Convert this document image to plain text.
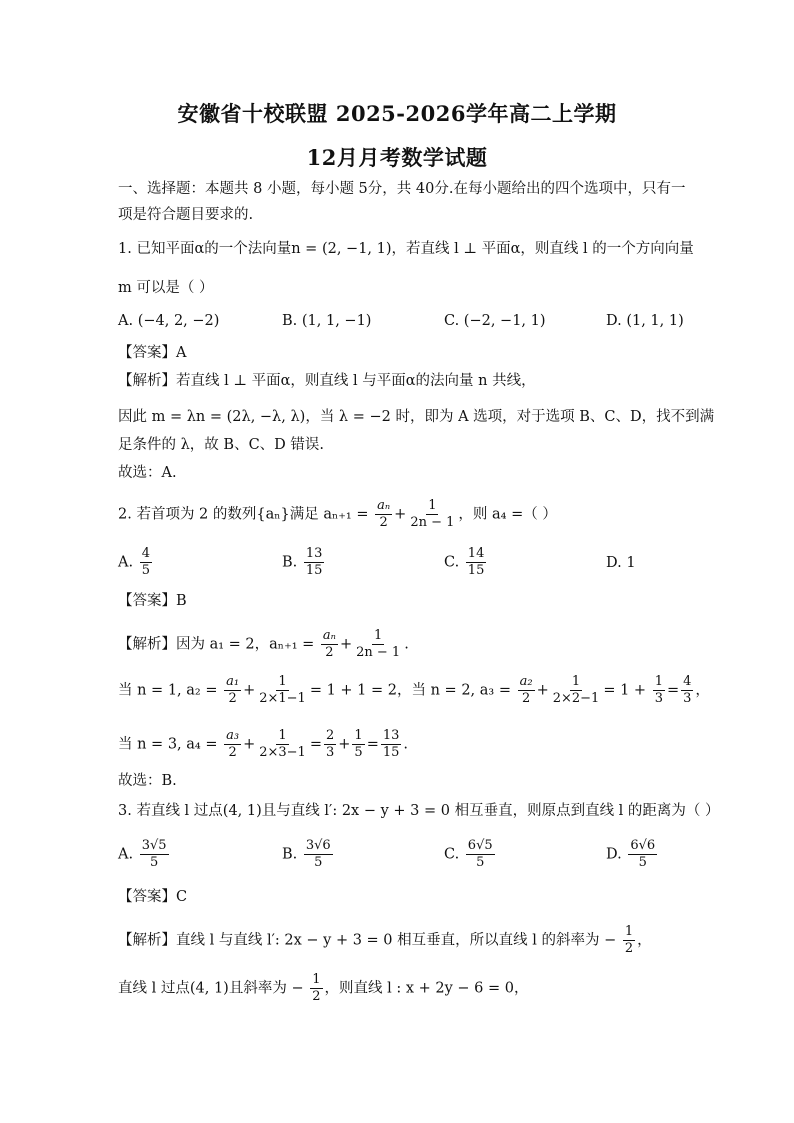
安徽省十校联盟 2025-2026学年高二上学期
12月月考数学试题
一、选择题：本题共 8 小题，每小题 5分，共 40分.在每小题给出的四个选项中，只有一
项是符合题目要求的.
1. 已知平面α的一个法向量n = (2, −1, 1)，若直线 l ⊥ 平面α，则直线 l 的一个方向向量
m 可以是（ ）
A. (−4, 2, −2)	B. (1, 1, −1)	C. (−2, −1, 1)	D. (1, 1, 1)
【答案】A
【解析】若直线 l ⊥ 平面α，则直线 l 与平面α的法向量 n 共线，
因此 m = λn = (2λ, −λ, λ)，当 λ = −2 时，即为 A 选项，对于选项 B、C、D，找不到满
足条件的 λ，故 B、C、D 错误.
故选：A.
2. 若首项为 2 的数列{aₙ}满足 $a_{n+1} = \frac{\text{aₙ}}{2} + \frac{1}{2n - 1}$ ，则 a₄ =（ ）
A. $\frac{4}{5}$	B. $\frac{13}{15}$	C. $\frac{14}{15}$	D. 1
【答案】B
【解析】因为 a₁ = 2，$a_{n+1} = \frac{\text{aₙ}}{2} + \frac{1}{2n - 1}$ .
当 n = 1, $a_2 = \frac{\text{a₁}}{2} + \frac{1}{2\times 1-1} = 1 + 1 = 2$，当 n = 2, $a_3 = \frac{\text{a₂}}{2} + \frac{1}{2\times 2-1} = 1 + \frac{1}{3} = \frac{4}{3}$ ，
当 n = 3, $a_4 = \frac{\text{a₃}}{2} + \frac{1}{2\times 3-1} = \frac{2}{3} + \frac{1}{5} = \frac{13}{15}$ .
故选：B.
3. 若直线 l 过点(4, 1)且与直线 l′: 2x − y + 3 = 0 相互垂直，则原点到直线 l 的距离为（ ）
A. $\frac{3√5}{5}$	B. $\frac{3√6}{5}$	C. $\frac{6√5}{5}$	D. $\frac{6√6}{5}$
【答案】C
【解析】直线 l 与直线 l′: 2x − y + 3 = 0 相互垂直，所以直线 l 的斜率为 − $\frac{1}{2}$ ，
直线 l 过点(4, 1)且斜率为 − $\frac{1}{2}$ ，则直线 l : x + 2y − 6 = 0，
